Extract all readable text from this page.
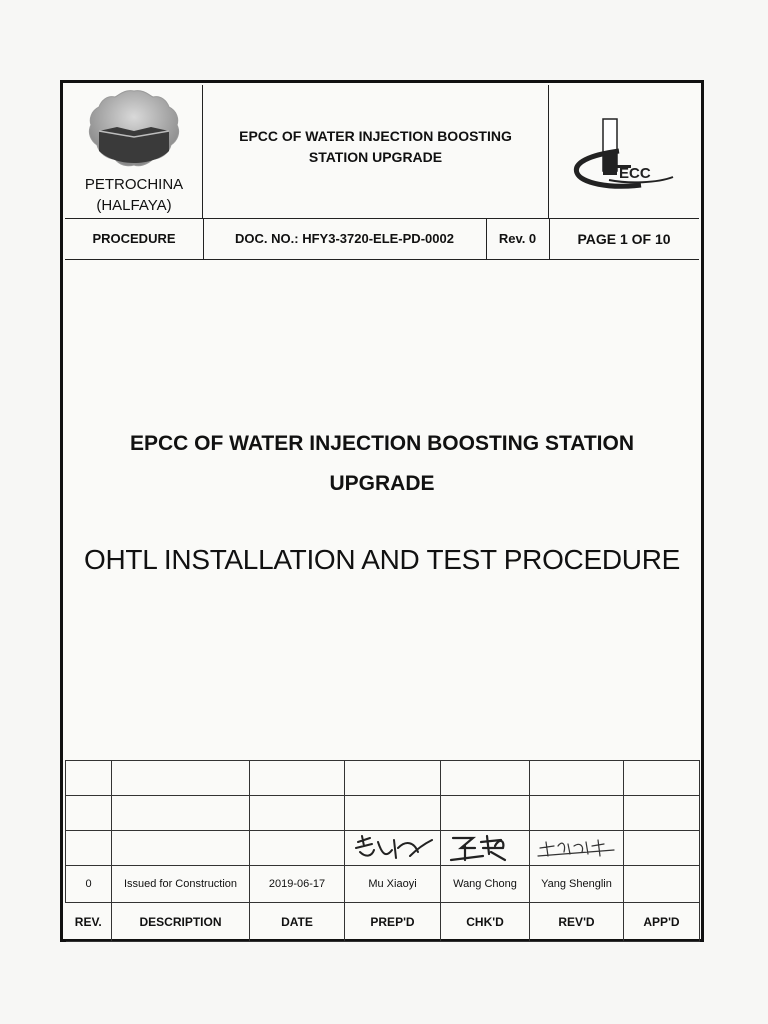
PETROCHINA
(HALFAYA)
EPCC OF WATER INJECTION BOOSTING STATION UPGRADE
ECC
PROCEDURE	DOC. NO.: HFY3-3720-ELE-PD-0002	Rev. 0	PAGE 1 OF 10
EPCC OF WATER INJECTION BOOSTING STATION
UPGRADE
OHTL INSTALLATION AND TEST PROCEDURE

0	Issued for Construction	2019-06-17	Mu Xiaoyi	Wang Chong	Yang Shenglin	
REV.	DESCRIPTION	DATE	PREP'D	CHK'D	REV'D	APP'D
